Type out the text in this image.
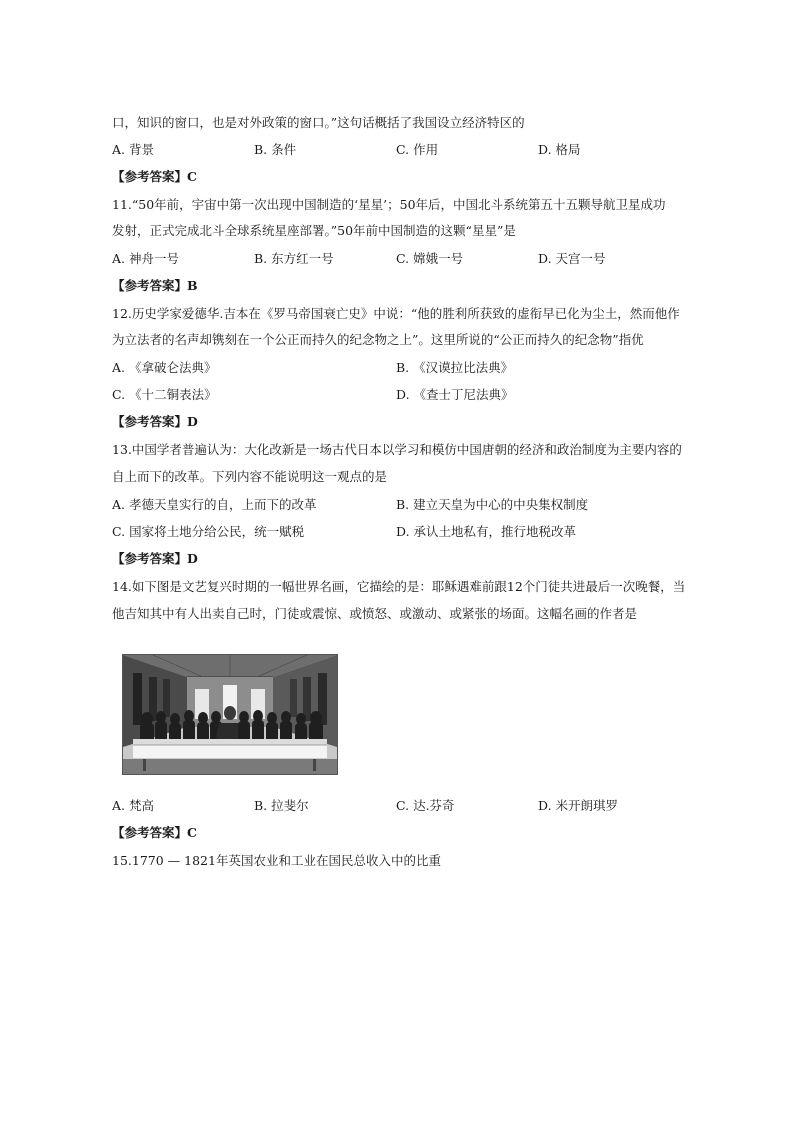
口，知识的窗口，也是对外政策的窗口。”这句话概括了我国设立经济特区的
A. 背景	B. 条件	C. 作用	D. 格局
【参考答案】C
11.“50年前，宇宙中第一次出现中国制造的‘星星’；50年后，中国北斗系统第五十五颗导航卫星成功
发射，正式完成北斗全球系统星座部署。”50年前中国制造的这颗“星星”是
A. 神舟一号	B. 东方红一号	C. 嫦娥一号	D. 天宫一号
【参考答案】B
12.历史学家爱德华.吉本在《罗马帝国衰亡史》中说：“他的胜利所获致的虚衔早已化为尘土，然而他作
为立法者的名声却镌刻在一个公正而持久的纪念物之上”。这里所说的“公正而持久的纪念物”指优
A. 《拿破仑法典》	B. 《汉谟拉比法典》
C. 《十二铜表法》	D. 《查士丁尼法典》
【参考答案】D
13.中国学者普遍认为：大化改新是一场古代日本以学习和模仿中国唐朝的经济和政治制度为主要内容的
自上而下的改革。下列内容不能说明这一观点的是
A. 孝德天皇实行的自，上而下的改革	B. 建立天皇为中心的中央集权制度
C. 国家将土地分给公民，统一赋税	D. 承认土地私有，推行地税改革
【参考答案】D
14.如下图是文艺复兴时期的一幅世界名画，它描绘的是：耶稣遇难前跟12个门徒共进最后一次晚餐，当
他吉知其中有人出卖自己时，门徒或震惊、或愤怒、或激动、或紧张的场面。这幅名画的作者是
A. 梵高	B. 拉斐尔	C. 达.芬奇	D. 米开朗琪罗
【参考答案】C
15.1770 — 1821年英国农业和工业在国民总收入中的比重
